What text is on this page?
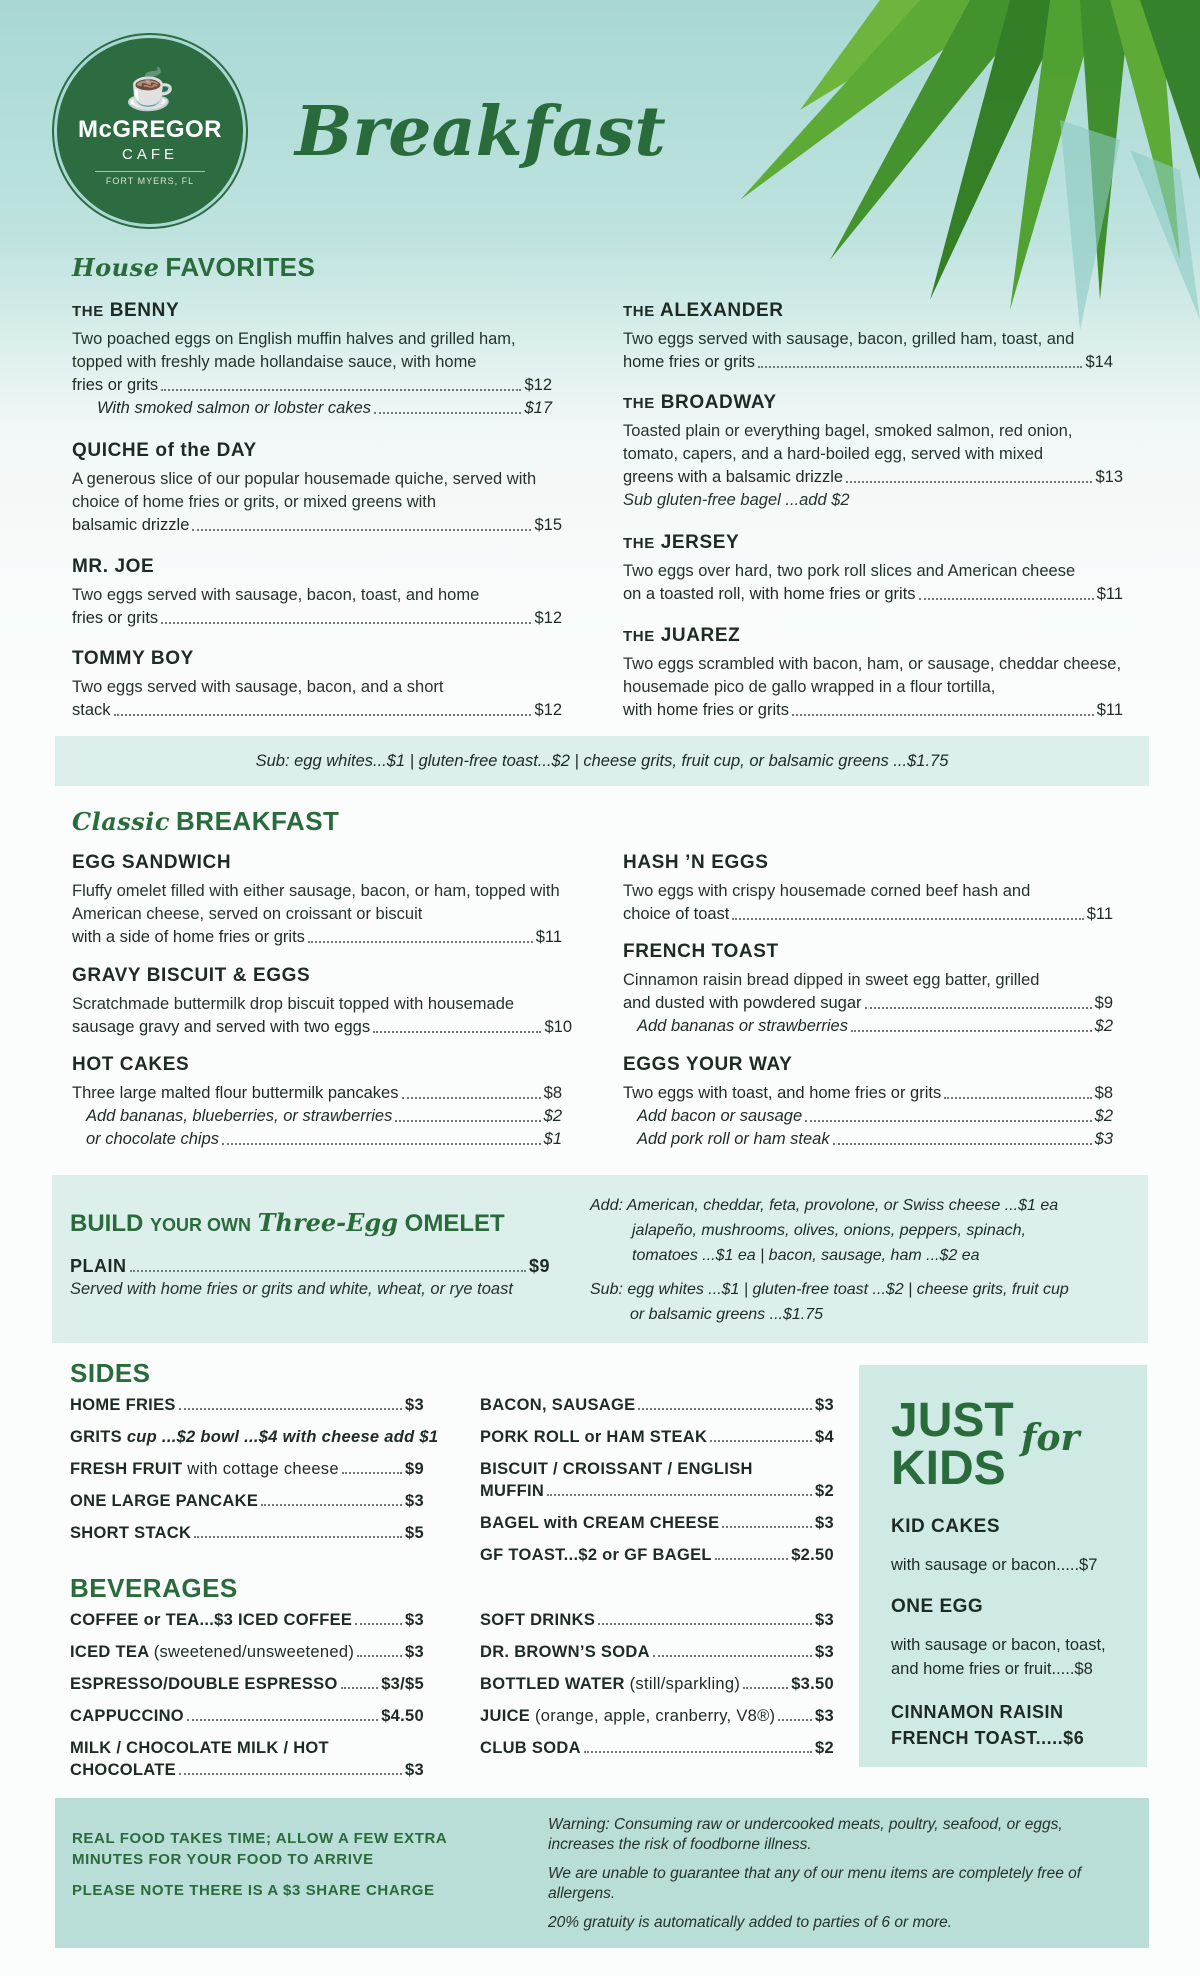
☕
McGREGOR
CAFE
FORT MYERS, FL
Breakfast
House FAVORITES
THE BENNY
Two poached eggs on English muffin halves and grilled ham, topped with freshly made hollandaise sauce, with home
fries or grits	$12
With smoked salmon or lobster cakes	$17
QUICHE of the DAY
A generous slice of our popular housemade quiche, served with choice of home fries or grits, or mixed greens with
balsamic drizzle	$15
MR. JOE
Two eggs served with sausage, bacon, toast, and home
fries or grits	$12
TOMMY BOY
Two eggs served with sausage, bacon, and a short
stack	$12
THE ALEXANDER
Two eggs served with sausage, bacon, grilled ham, toast, and
home fries or grits	$14
THE BROADWAY
Toasted plain or everything bagel, smoked salmon, red onion, tomato, capers, and a hard-boiled egg, served with mixed
greens with a balsamic drizzle	$13
Sub gluten-free bagel ...add $2
THE JERSEY
Two eggs over hard, two pork roll slices and American cheese
on a toasted roll, with home fries or grits	$11
THE JUAREZ
Two eggs scrambled with bacon, ham, or sausage, cheddar cheese, housemade pico de gallo wrapped in a flour tortilla,
with home fries or grits	$11
Sub: egg whites...$1 | gluten-free toast...$2 | cheese grits, fruit cup, or balsamic greens ...$1.75
Classic BREAKFAST
EGG SANDWICH
Fluffy omelet filled with either sausage, bacon, or ham, topped with American cheese, served on croissant or biscuit
with a side of home fries or grits	$11
GRAVY BISCUIT & EGGS
Scratchmade buttermilk drop biscuit topped with housemade
sausage gravy and served with two eggs	$10
HOT CAKES
Three large malted flour buttermilk pancakes	$8
Add bananas, blueberries, or strawberries	$2
or chocolate chips	$1
HASH ’N EGGS
Two eggs with crispy housemade corned beef hash and
choice of toast	$11
FRENCH TOAST
Cinnamon raisin bread dipped in sweet egg batter, grilled
and dusted with powdered sugar	$9
Add bananas or strawberries	$2
EGGS YOUR WAY
Two eggs with toast, and home fries or grits	$8
Add bacon or sausage	$2
Add pork roll or ham steak	$3
BUILD YOUR OWN Three-Egg OMELET
PLAIN	$9
Served with home fries or grits and white, wheat, or rye toast
Add: American, cheddar, feta, provolone, or Swiss cheese ...$1 ea
jalapeño, mushrooms, olives, onions, peppers, spinach,
tomatoes ...$1 ea | bacon, sausage, ham ...$2 ea
Sub: egg whites ...$1 | gluten-free toast ...$2 | cheese grits, fruit cup
or balsamic greens ...$1.75
SIDES
HOME FRIES	$3
GRITS cup ...$2 bowl ...$4 with cheese add $1
FRESH FRUIT with cottage cheese	$9
ONE LARGE PANCAKE	$3
SHORT STACK	$5
BACON, SAUSAGE	$3
PORK ROLL or HAM STEAK	$4
BISCUIT / CROISSANT / ENGLISH
MUFFIN	$2
BAGEL with CREAM CHEESE	$3
GF TOAST...$2 or GF BAGEL	$2.50
BEVERAGES
COFFEE or TEA...$3 ICED COFFEE	$3
ICED TEA (sweetened/unsweetened)	$3
ESPRESSO/DOUBLE ESPRESSO	$3/$5
CAPPUCCINO	$4.50
MILK / CHOCOLATE MILK / HOT
CHOCOLATE	$3
SOFT DRINKS	$3
DR. BROWN’S SODA	$3
BOTTLED WATER (still/sparkling)	$3.50
JUICE (orange, apple, cranberry, V8®) $3
CLUB SODA	$2
JUST
KIDS
for
KID CAKES
with sausage or bacon.....$7
ONE EGG
with sausage or bacon, toast,
and home fries or fruit.....$8
CINNAMON RAISIN
FRENCH TOAST.....$6
REAL FOOD TAKES TIME; ALLOW A FEW EXTRA
MINUTES FOR YOUR FOOD TO ARRIVE
PLEASE NOTE THERE IS A $3 SHARE CHARGE
Warning: Consuming raw or undercooked meats, poultry, seafood, or eggs, increases the risk of foodborne illness.
We are unable to guarantee that any of our menu items are completely free of allergens.
20% gratuity is automatically added to parties of 6 or more.
